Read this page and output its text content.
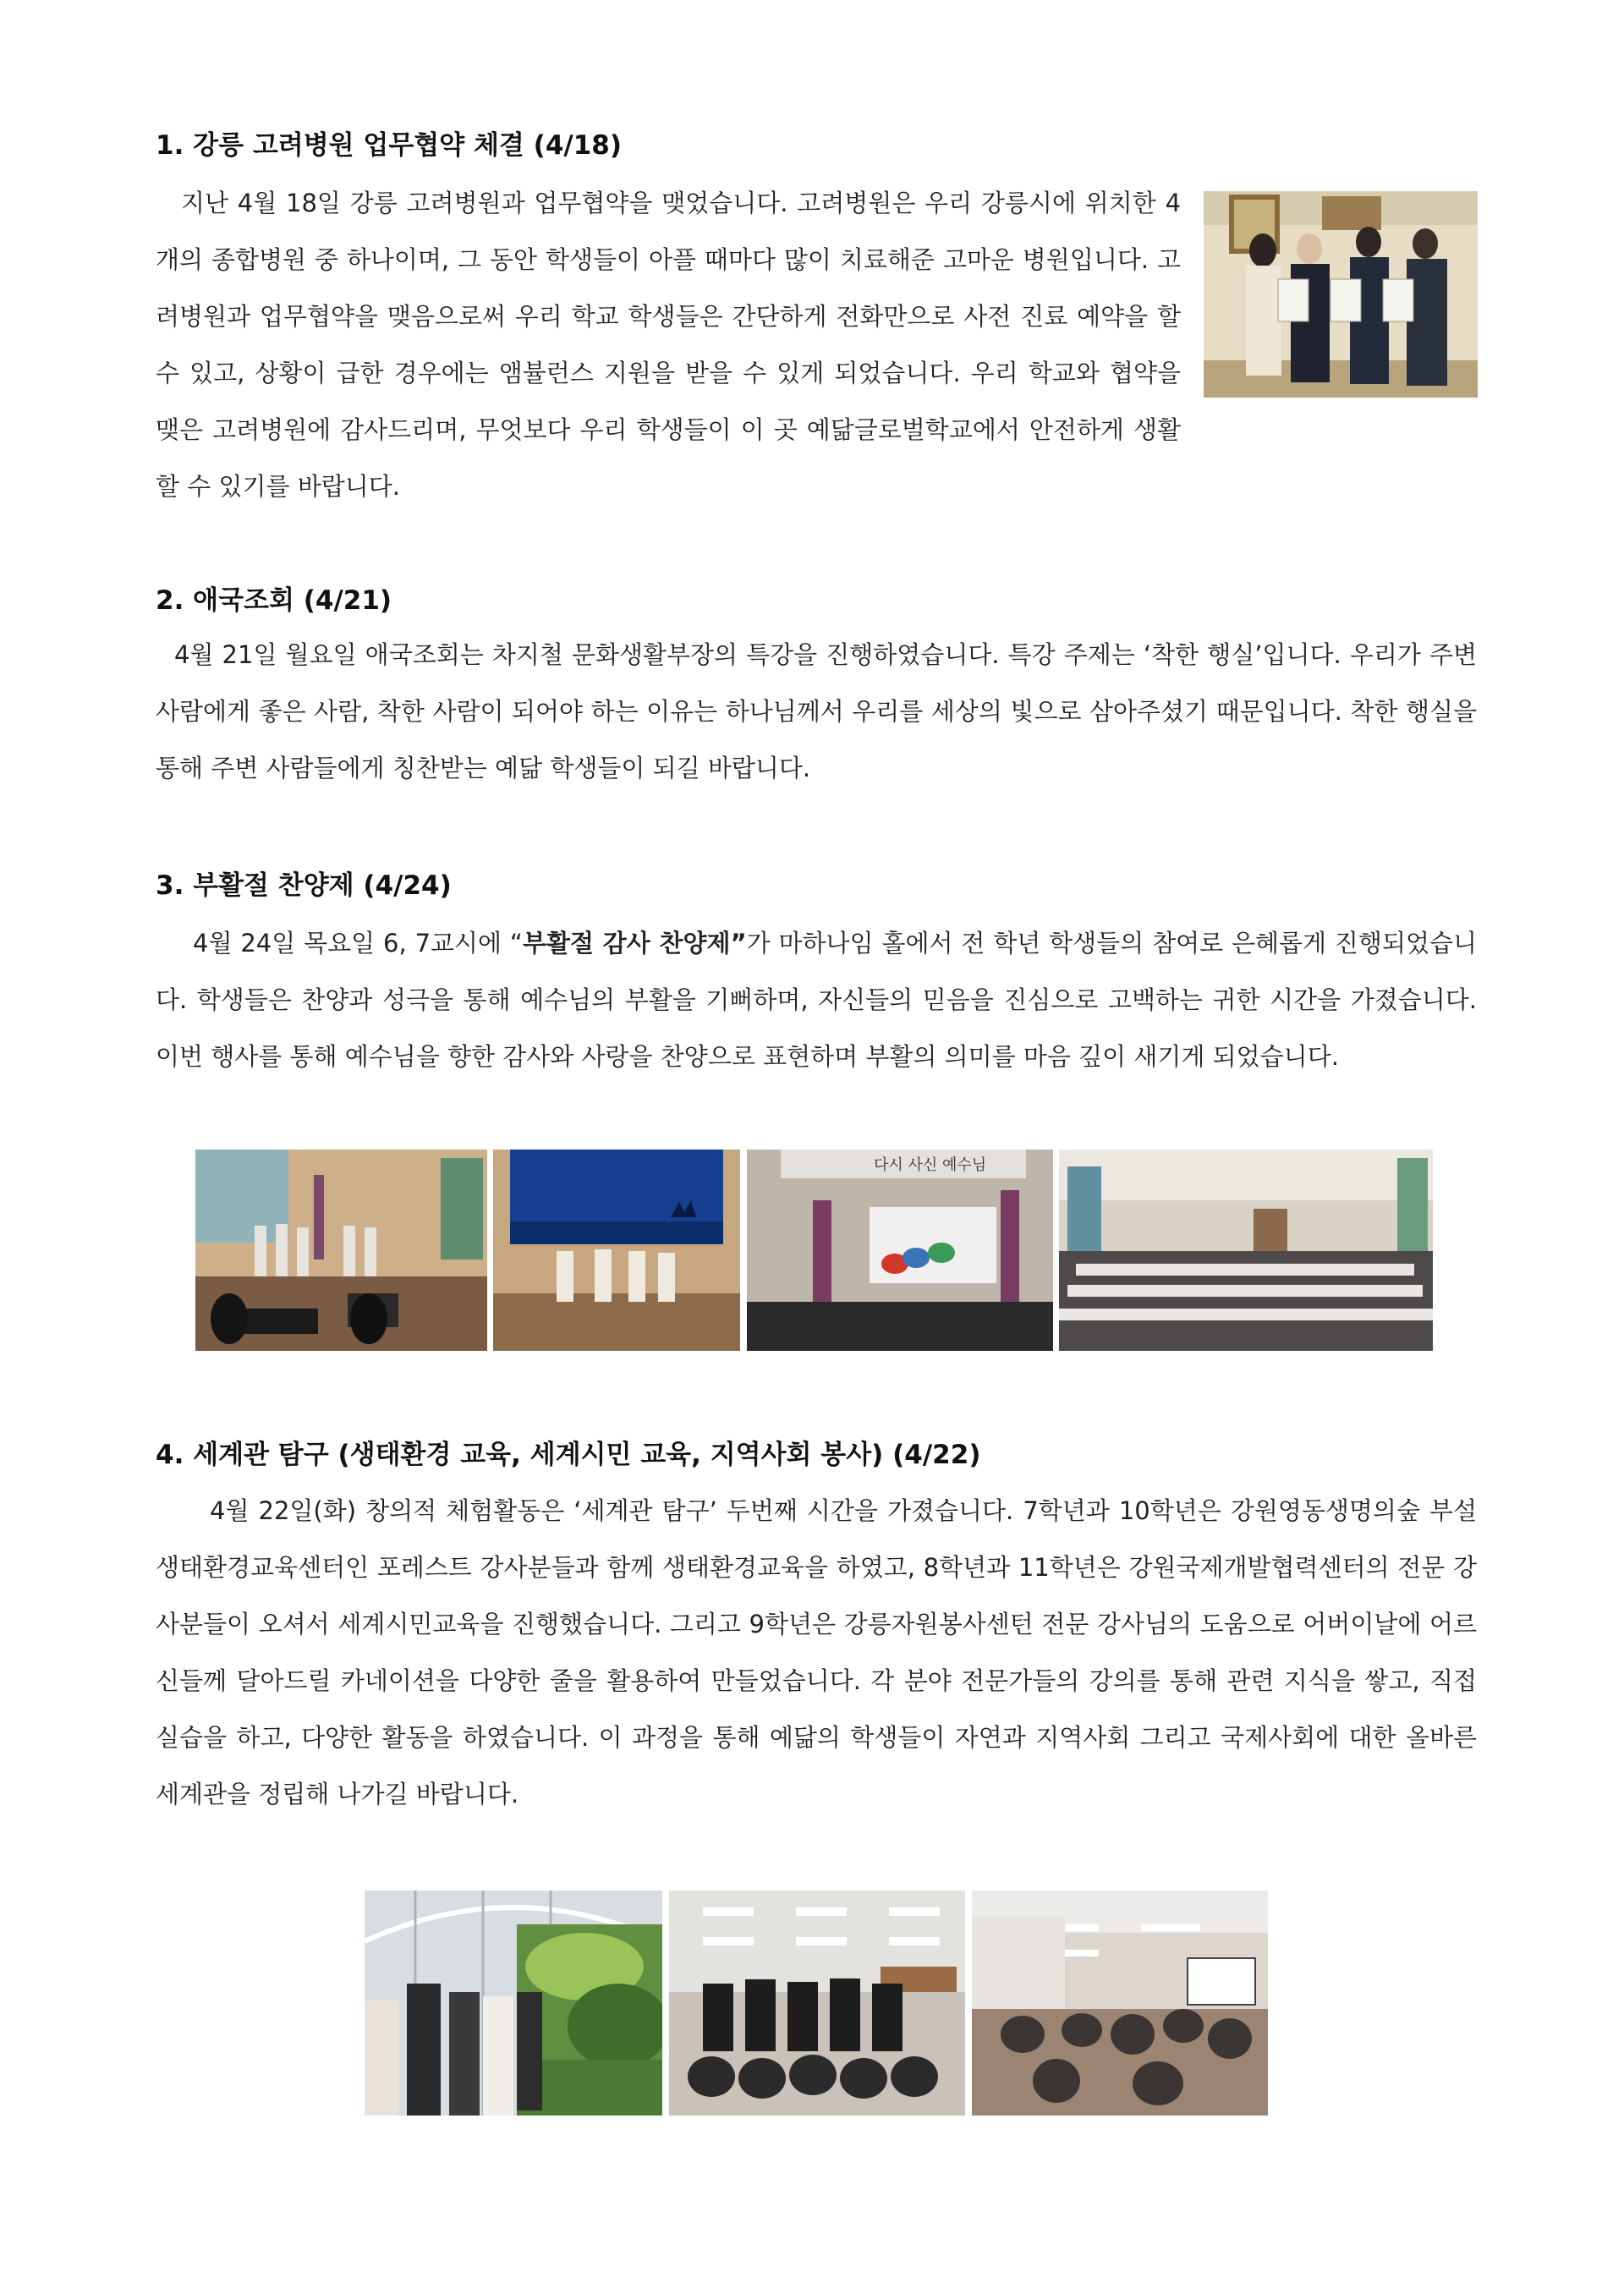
1. 강릉 고려병원 업무협약 체결 (4/18)

지난 4월 18일 강릉 고려병원과 업무협약을 맺었습니다. 고려병원은 우리 강릉시에 위치한 4개의 종합병원 중 하나이며, 그 동안 학생들이 아플 때마다 많이 치료해준 고마운 병원입니다. 고려병원과 업무협약을 맺음으로써 우리 학교 학생들은 간단하게 전화만으로 사전 진료 예약을 할 수 있고, 상황이 급한 경우에는 앰뷸런스 지원을 받을 수 있게 되었습니다. 우리 학교와 협약을 맺은 고려병원에 감사드리며, 무엇보다 우리 학생들이 이 곳 예닮글로벌학교에서 안전하게 생활할 수 있기를 바랍니다.

2. 애국조회 (4/21)

4월 21일 월요일 애국조회는 차지철 문화생활부장의 특강을 진행하였습니다. 특강 주제는 ‘착한 행실’입니다. 우리가 주변 사람에게 좋은 사람, 착한 사람이 되어야 하는 이유는 하나님께서 우리를 세상의 빛으로 삼아주셨기 때문입니다. 착한 행실을 통해 주변 사람들에게 칭찬받는 예닮 학생들이 되길 바랍니다.

3. 부활절 찬양제 (4/24)

4월 24일 목요일 6, 7교시에 “부활절 감사 찬양제”가 마하나임 홀에서 전 학년 학생들의 참여로 은혜롭게 진행되었습니다. 학생들은 찬양과 성극을 통해 예수님의 부활을 기뻐하며, 자신들의 믿음을 진심으로 고백하는 귀한 시간을 가졌습니다. 이번 행사를 통해 예수님을 향한 감사와 사랑을 찬양으로 표현하며 부활의 의미를 마음 깊이 새기게 되었습니다.

다시 사신 예수님
4. 세계관 탐구 (생태환경 교육, 세계시민 교육, 지역사회 봉사) (4/22)

4월 22일(화) 창의적 체험활동은 ‘세계관 탐구’ 두번째 시간을 가졌습니다. 7학년과 10학년은 강원영동생명의숲 부설 생태환경교육센터인 포레스트 강사분들과 함께 생태환경교육을 하였고, 8학년과 11학년은 강원국제개발협력센터의 전문 강사분들이 오셔서 세계시민교육을 진행했습니다. 그리고 9학년은 강릉자원봉사센턴 전문 강사님의 도움으로 어버이날에 어르신들께 달아드릴 카네이션을 다양한 줄을 활용하여 만들었습니다. 각 분야 전문가들의 강의를 통해 관련 지식을 쌓고, 직접 실습을 하고, 다양한 활동을 하였습니다. 이 과정을 통해 예닮의 학생들이 자연과 지역사회 그리고 국제사회에 대한 올바른 세계관을 정립해 나가길 바랍니다.
